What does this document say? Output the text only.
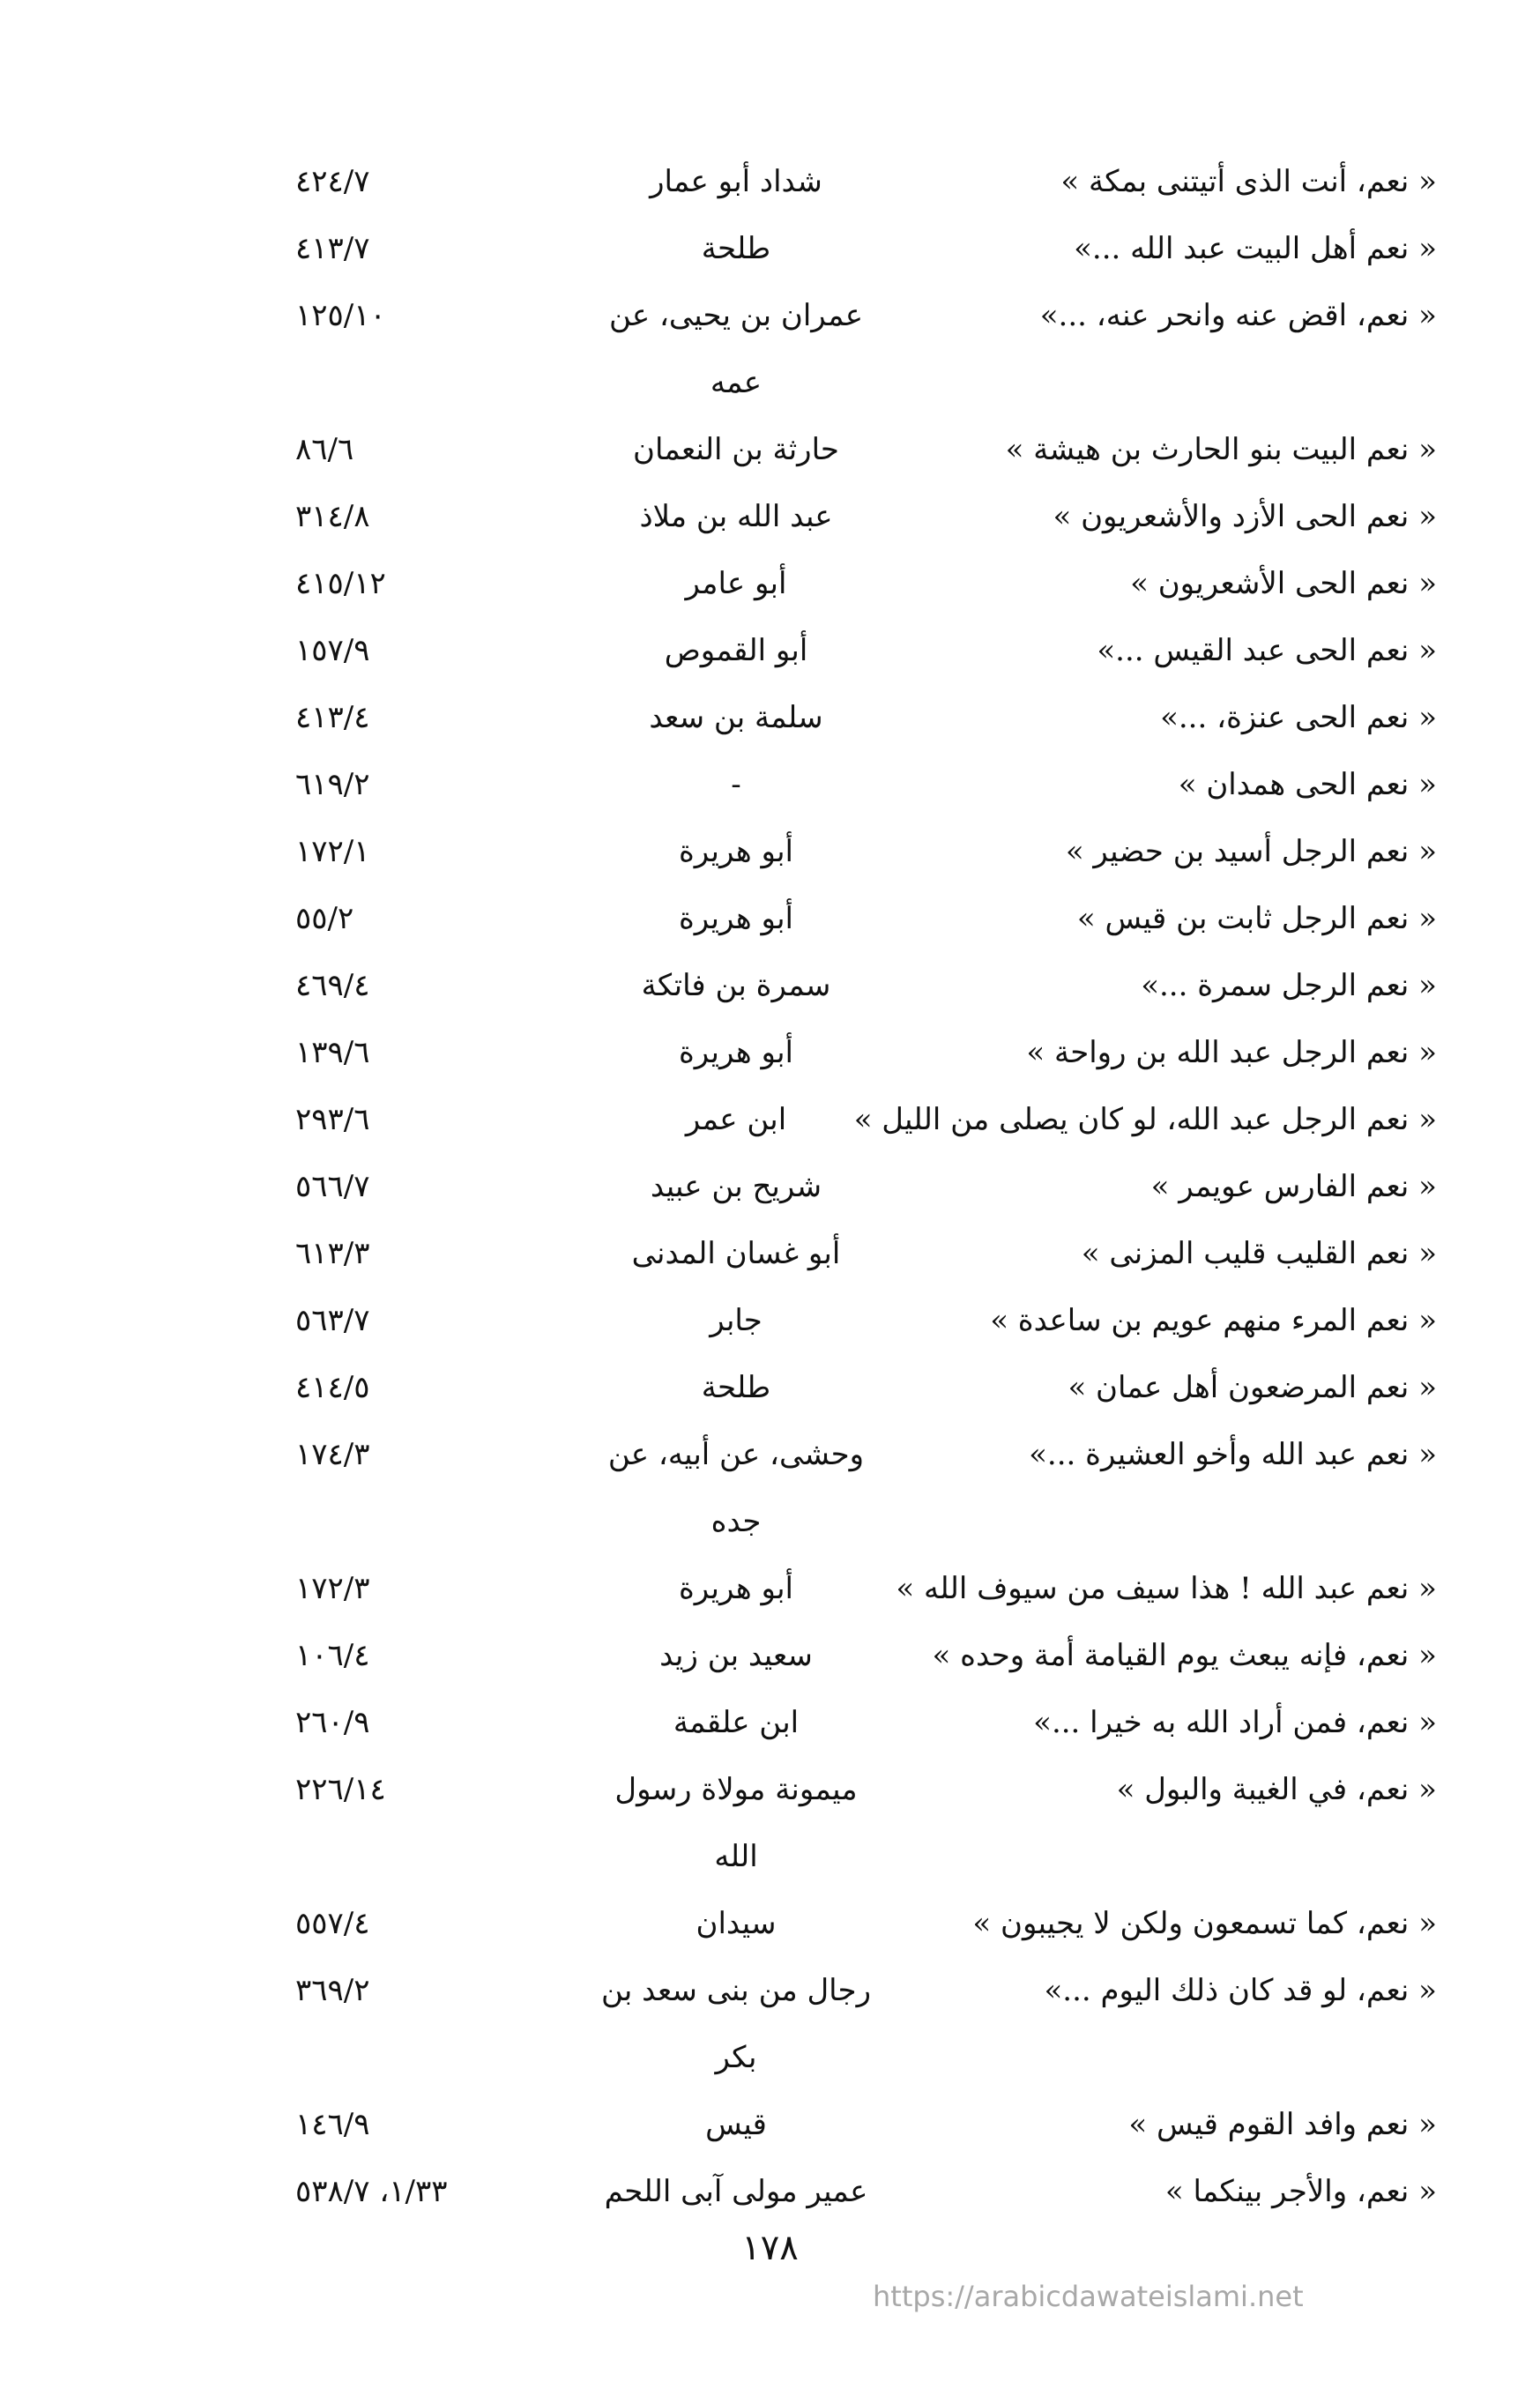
« نعم، أنت الذى أتيتنى بمكة »
شداد أبو عمار
٤٢٤/٧
« نعم أهل البيت عبد الله ...»
طلحة
٤١٣/٧
« نعم، اقض عنه وانحر عنه، ...»
عمران بن يحيى، عن
١٢٥/١٠
عمه
« نعم البيت بنو الحارث بن هيشة »
حارثة بن النعمان
٨٦/٦
« نعم الحى الأزد والأشعريون »
عبد الله بن ملاذ
٣١٤/٨
« نعم الحى الأشعريون »
أبو عامر
٤١٥/١٢
« نعم الحى عبد القيس ...»
أبو القموص
١٥٧/٩
« نعم الحى عنزة، ...»
سلمة بن سعد
٤١٣/٤
« نعم الحى همدان »
-
٦١٩/٢
« نعم الرجل أسيد بن حضير »
أبو هريرة
١٧٢/١
« نعم الرجل ثابت بن قيس »
أبو هريرة
٥٥/٢
« نعم الرجل سمرة ...»
سمرة بن فاتكة
٤٦٩/٤
« نعم الرجل عبد الله بن رواحة »
أبو هريرة
١٣٩/٦
« نعم الرجل عبد الله، لو كان يصلى من الليل »
ابن عمر
٢٩٣/٦
« نعم الفارس عويمر »
شريح بن عبيد
٥٦٦/٧
« نعم القليب قليب المزنى »
أبو غسان المدنى
٦١٣/٣
« نعم المرء منهم عويم بن ساعدة »
جابر
٥٦٣/٧
« نعم المرضعون أهل عمان »
طلحة
٤١٤/٥
« نعم عبد الله وأخو العشيرة ...»
وحشى، عن أبيه، عن
١٧٤/٣
جده
« نعم عبد الله ! هذا سيف من سيوف الله »
أبو هريرة
١٧٢/٣
« نعم، فإنه يبعث يوم القيامة أمة وحده »
سعيد بن زيد
١٠٦/٤
« نعم، فمن أراد الله به خيرا ...»
ابن علقمة
٢٦٠/٩
« نعم، في الغيبة والبول »
ميمونة مولاة رسول
٢٢٦/١٤
الله
« نعم، كما تسمعون ولكن لا يجيبون »
سيدان
٥٥٧/٤
« نعم، لو قد كان ذلك اليوم ...»
رجال من بنى سعد بن
٣٦٩/٢
بكر
« نعم وافد القوم قيس »
قيس
١٤٦/٩
« نعم، والأجر بينكما »
عمير مولى آبى اللحم
١/٣٣، ٥٣٨/٧
١٧٨
https://arabicdawateislami.net
